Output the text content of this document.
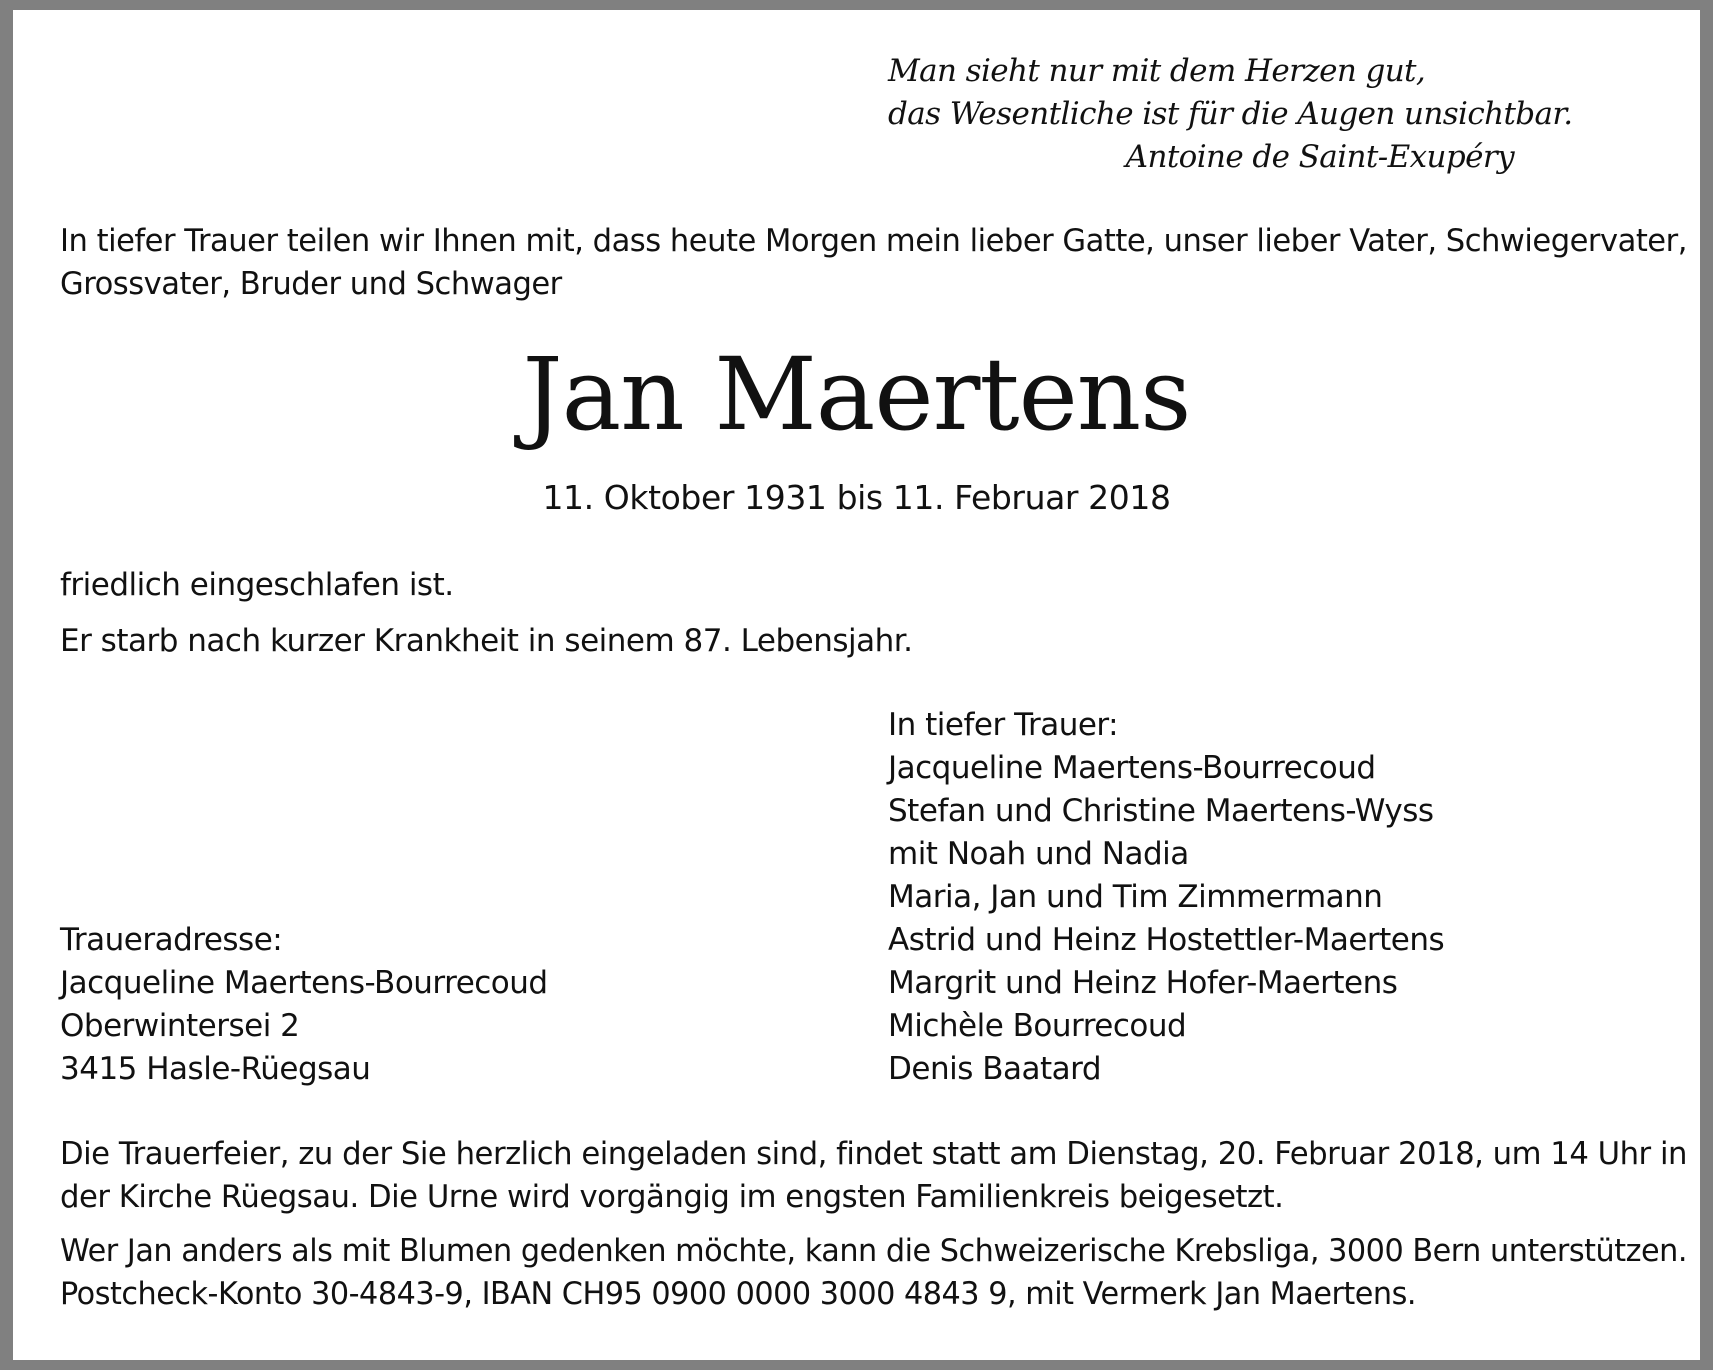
Man sieht nur mit dem Herzen gut,
das Wesentliche ist für die Augen unsichtbar.
Antoine de Saint-Exupéry
In tiefer Trauer teilen wir Ihnen mit, dass heute Morgen mein lieber Gatte, unser lieber Vater, Schwiegervater,
Grossvater, Bruder und Schwager
Jan Maertens
11. Oktober 1931 bis 11. Februar 2018
friedlich eingeschlafen ist.
Er starb nach kurzer Krankheit in seinem 87. Lebensjahr.
In tiefer Trauer:
Jacqueline Maertens-Bourrecoud
Stefan und Christine Maertens-Wyss
mit Noah und Nadia
Maria, Jan und Tim Zimmermann
Astrid und Heinz Hostettler-Maertens
Margrit und Heinz Hofer-Maertens
Michèle Bourrecoud
Denis Baatard
Traueradresse:
Jacqueline Maertens-Bourrecoud
Oberwintersei 2
3415 Hasle-Rüegsau
Die Trauerfeier, zu der Sie herzlich eingeladen sind, findet statt am Dienstag, 20. Februar 2018, um 14 Uhr in
der Kirche Rüegsau. Die Urne wird vorgängig im engsten Familienkreis beigesetzt.
Wer Jan anders als mit Blumen gedenken möchte, kann die Schweizerische Krebsliga, 3000 Bern unterstützen.
Postcheck-Konto 30-4843-9, IBAN CH95 0900 0000 3000 4843 9, mit Vermerk Jan Maertens.
